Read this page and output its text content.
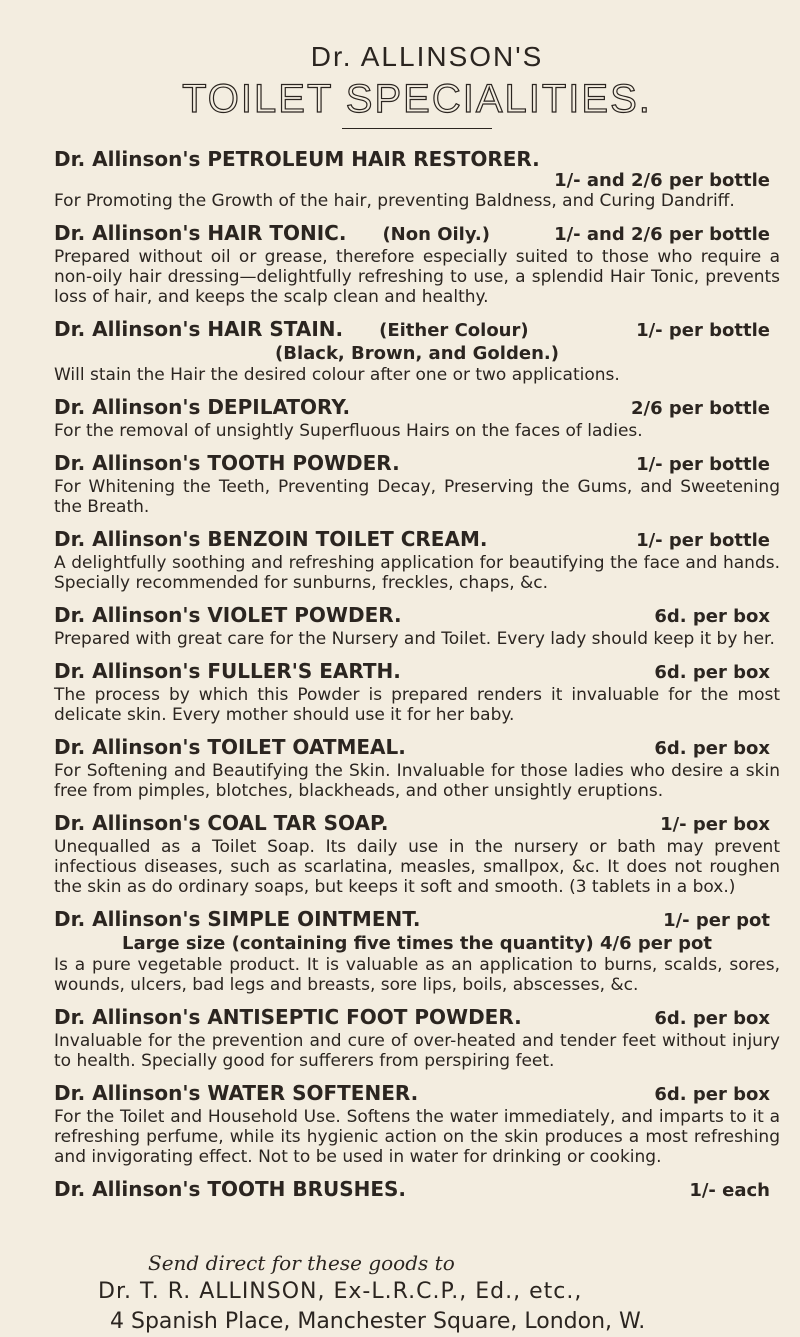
Dr. ALLINSON'S
TOILET SPECIALITIES.
Dr. Allinson's PETROLEUM HAIR RESTORER.
1/- and 2/6 per bottle

For Promoting the Growth of the hair, preventing Baldness, and Curing Dandriff.

Dr. Allinson's HAIR TONIC. (Non Oily.)	1/- and 2/6 per bottle

Prepared without oil or grease, therefore especially suited to those who require a non-oily hair dressing—delightfully refreshing to use, a splendid Hair Tonic, prevents loss of hair, and keeps the scalp clean and healthy.

Dr. Allinson's HAIR STAIN. (Either Colour)	1/- per bottle
(Black, Brown, and Golden.)

Will stain the Hair the desired colour after one or two applications.

Dr. Allinson's DEPILATORY.	2/6 per bottle

For the removal of unsightly Superfluous Hairs on the faces of ladies.

Dr. Allinson's TOOTH POWDER.	1/- per bottle

For Whitening the Teeth, Preventing Decay, Preserving the Gums, and Sweetening the Breath.

Dr. Allinson's BENZOIN TOILET CREAM.	1/- per bottle

A delightfully soothing and refreshing application for beautifying the face and hands. Specially recommended for sunburns, freckles, chaps, &c.

Dr. Allinson's VIOLET POWDER.	6d. per box

Prepared with great care for the Nursery and Toilet. Every lady should keep it by her.

Dr. Allinson's FULLER'S EARTH.	6d. per box

The process by which this Powder is prepared renders it invaluable for the most delicate skin. Every mother should use it for her baby.

Dr. Allinson's TOILET OATMEAL.	6d. per box

For Softening and Beautifying the Skin. Invaluable for those ladies who desire a skin free from pimples, blotches, blackheads, and other unsightly eruptions.

Dr. Allinson's COAL TAR SOAP.	1/- per box

Unequalled as a Toilet Soap. Its daily use in the nursery or bath may prevent infectious diseases, such as scarlatina, measles, smallpox, &c. It does not roughen the skin as do ordinary soaps, but keeps it soft and smooth. (3 tablets in a box.)

Dr. Allinson's SIMPLE OINTMENT.	1/- per pot
Large size (containing five times the quantity) 4/6 per pot

Is a pure vegetable product. It is valuable as an application to burns, scalds, sores, wounds, ulcers, bad legs and breasts, sore lips, boils, abscesses, &c.

Dr. Allinson's ANTISEPTIC FOOT POWDER.	6d. per box

Invaluable for the prevention and cure of over-heated and tender feet without injury to health. Specially good for sufferers from perspiring feet.

Dr. Allinson's WATER SOFTENER.	6d. per box

For the Toilet and Household Use. Softens the water immediately, and imparts to it a refreshing perfume, while its hygienic action on the skin produces a most refreshing and invigorating effect. Not to be used in water for drinking or cooking.

Dr. Allinson's TOOTH BRUSHES.	1/- each

Send direct for these goods to

Dr. T. R. ALLINSON, Ex-L.R.C.P., Ed., etc.,

4 Spanish Place, Manchester Square, London, W.
